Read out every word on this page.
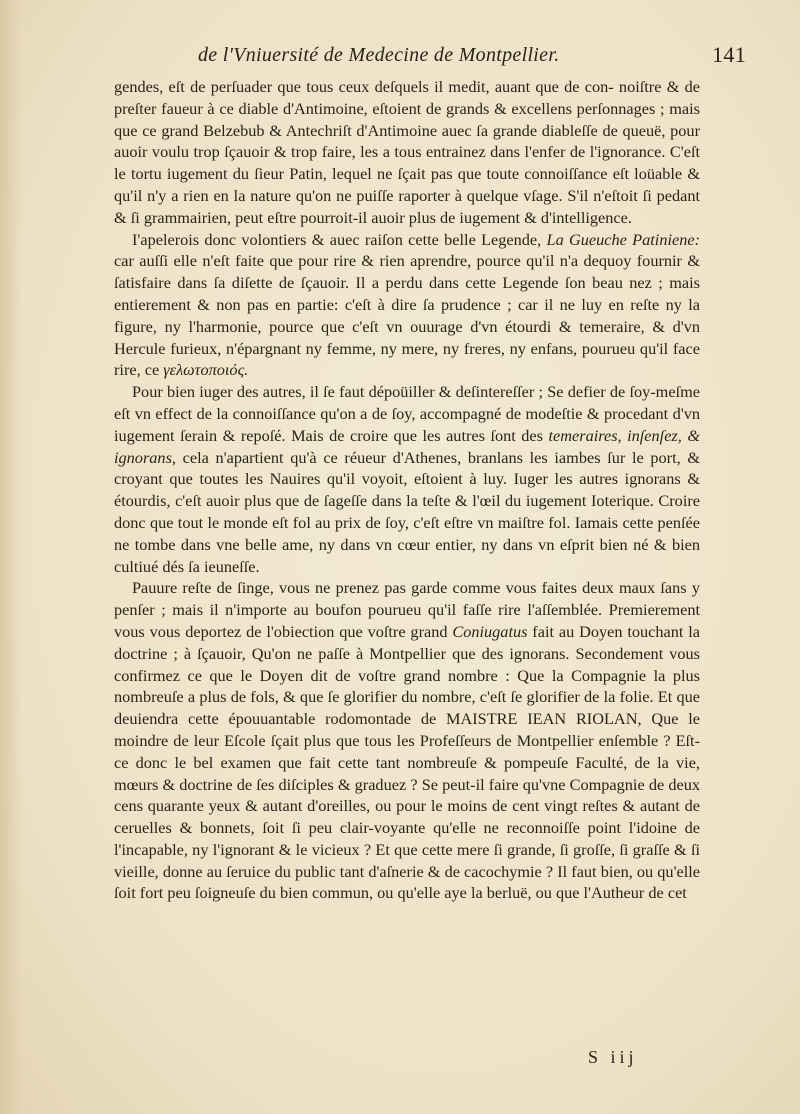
de l'Vniuersité de Medecine de Montpellier.	141

gendes, eſt de perſuader que tous ceux deſquels il medit, auant que de con- noiſtre & de preſter faueur à ce diable d'Antimoine, eſtoient de grands & excellens perſonnages ; mais que ce grand Belzebub & Antechriſt d'Antimoine auec ſa grande diableſſe de queuë, pour auoir voulu trop ſçauoir & trop faire, les a tous entrainez dans l'enfer de l'ignorance. C'eſt le tortu iugement du ſieur Patin, lequel ne ſçait pas que toute connoiſſance eſt loüable & qu'il n'y a rien en la nature qu'on ne puiſſe raporter à quelque vſage. S'il n'eſtoit ſi pedant & ſi grammairien, peut eſtre pourroit-il auoir plus de iugement & d'intelligence.

I'apelerois donc volontiers & auec raiſon cette belle Legende, La Gueuche Patiniene: car auſſi elle n'eſt faite que pour rire & rien aprendre, pource qu'il n'a dequoy fournir & ſatisfaire dans ſa diſette de ſçauoir. Il a perdu dans cette Legende ſon beau nez ; mais entierement & non pas en partie: c'eſt à dire ſa prudence ; car il ne luy en reſte ny la figure, ny l'harmonie, pource que c'eſt vn ouurage d'vn étourdi & temeraire, & d'vn Hercule furieux, n'épargnant ny femme, ny mere, ny freres, ny enfans, pourueu qu'il face rire, ce γελωτοποιός.

Pour bien iuger des autres, il ſe faut dépoüiller & deſintereſſer ; Se defier de ſoy-meſme eſt vn effect de la connoiſſance qu'on a de ſoy, accompagné de modeſtie & procedant d'vn iugement ſerain & repoſé. Mais de croire que les autres ſont des temeraires, inſenſez, & ignorans, cela n'apartient qu'à ce réueur d'Athenes, branlans les iambes ſur le port, & croyant que toutes les Nauires qu'il voyoit, eſtoient à luy. Iuger les autres ignorans & étourdis, c'eſt auoir plus que de ſageſſe dans la teſte & l'œil du iugement Ioterique. Croire donc que tout le monde eſt fol au prix de ſoy, c'eſt eſtre vn maiſtre fol. Iamais cette penſée ne tombe dans vne belle ame, ny dans vn cœur entier, ny dans vn eſprit bien né & bien cultiué dés ſa ieuneſſe.

Pauure reſte de ſinge, vous ne prenez pas garde comme vous faites deux maux ſans y penſer ; mais il n'importe au boufon pourueu qu'il faſſe rire l'aſſemblée. Premierement vous vous deportez de l'obiection que voſtre grand Coniugatus fait au Doyen touchant la doctrine ; à ſçauoir, Qu'on ne paſſe à Montpellier que des ignorans. Secondement vous confirmez ce que le Doyen dit de voſtre grand nombre : Que la Compagnie la plus nombreuſe a plus de fols, & que ſe glorifier du nombre, c'eſt ſe glorifier de la folie. Et que deuiendra cette épouuantable rodomontade de MAISTRE IEAN RIOLAN, Que le moindre de leur Eſcole ſçait plus que tous les Profeſſeurs de Montpellier enſemble ? Eſt-ce donc le bel examen que fait cette tant nombreuſe & pompeuſe Faculté, de la vie, mœurs & doctrine de ſes diſciples & graduez ? Se peut-il faire qu'vne Compagnie de deux cens quarante yeux & autant d'oreilles, ou pour le moins de cent vingt reſtes & autant de ceruelles & bonnets, ſoit ſi peu clair-voyante qu'elle ne reconnoiſſe point l'idoine de l'incapable, ny l'ignorant & le vicieux ? Et que cette mere ſi grande, ſi groſſe, ſi graſſe & ſi vieille, donne au ſeruice du public tant d'aſnerie & de cacochymie ? Il faut bien, ou qu'elle ſoit fort peu ſoigneuſe du bien commun, ou qu'elle aye la berluë, ou que l'Autheur de cet

S iij
